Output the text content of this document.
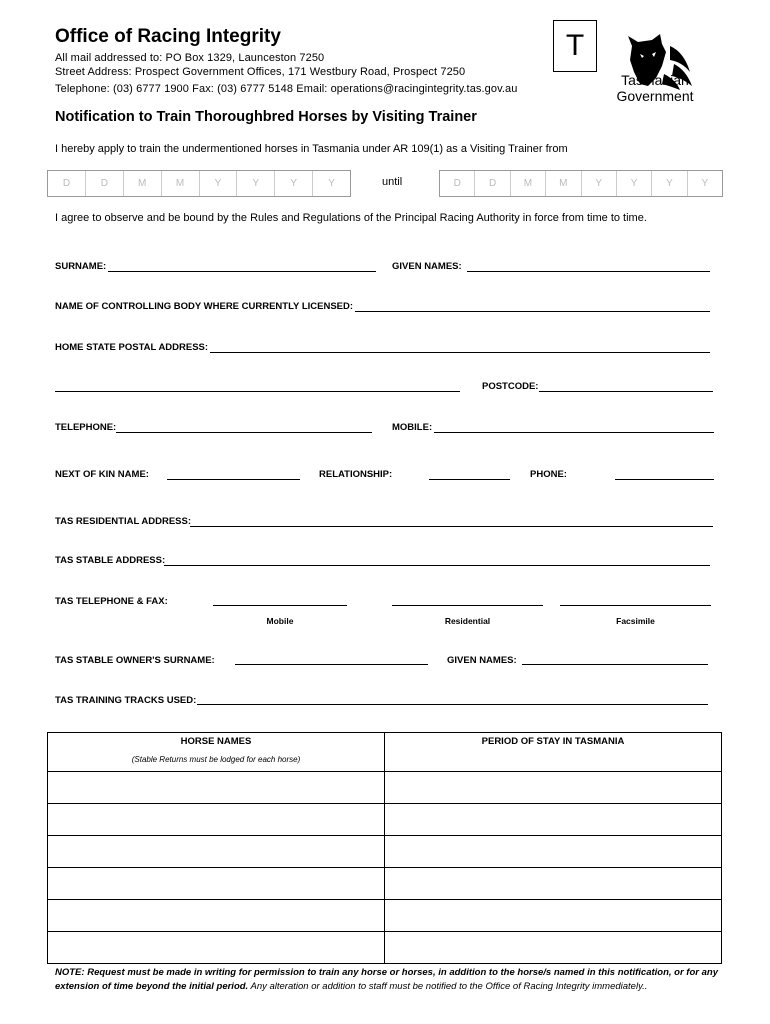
Office of Racing Integrity
All mail addressed to: PO Box 1329, Launceston 7250
Street Address: Prospect Government Offices, 171 Westbury Road, Prospect 7250
Telephone: (03) 6777 1900 Fax: (03) 6777 5148 Email: operations@racingintegrity.tas.gov.au
T
Tasmanian
Government
Notification to Train Thoroughbred Horses by Visiting Trainer
I hereby apply to train the undermentioned horses in Tasmania under AR 109(1) as a Visiting Trainer from
D	D	M	M	Y	Y	Y	Y	until	D	D	M	M	Y	Y	Y	Y
I agree to observe and be bound by the Rules and Regulations of the Principal Racing Authority in force from time to time.
SURNAME:	GIVEN NAMES:
NAME OF CONTROLLING BODY WHERE CURRENTLY LICENSED:
HOME STATE POSTAL ADDRESS:
POSTCODE:
TELEPHONE:	MOBILE:
NEXT OF KIN NAME:	RELATIONSHIP:	PHONE:
TAS RESIDENTIAL ADDRESS:
TAS STABLE ADDRESS:
TAS TELEPHONE & FAX:
Mobile	Residential	Facsimile
TAS STABLE OWNER'S SURNAME:	GIVEN NAMES:
TAS TRAINING TRACKS USED:
HORSE NAMES
(Stable Returns must be lodged for each horse)	PERIOD OF STAY IN TASMANIA

NOTE: Request must be made in writing for permission to train any horse or horses, in addition to the horse/s named in this notification, or for any extension of time beyond the initial period. Any alteration or addition to staff must be notified to the Office of Racing Integrity immediately..
